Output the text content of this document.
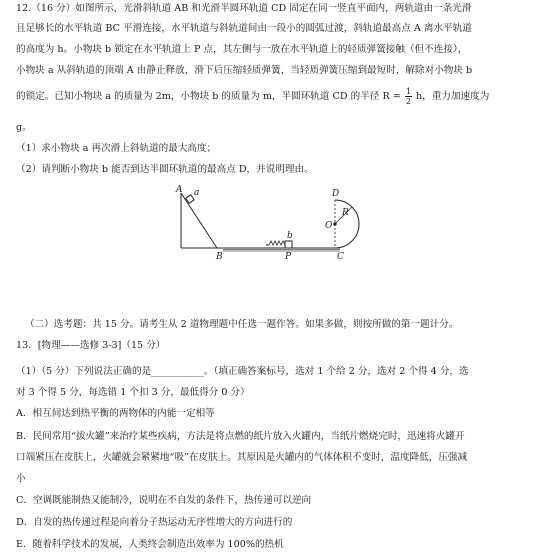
12.（16 分）如图所示，光滑斜轨道 AB 和光滑半圆环轨道 CD 固定在同一竖直平面内，两轨道由一条光滑
且足够长的水平轨道 BC 平滑连接，水平轨道与斜轨道间由一段小的圆弧过渡，斜轨道最高点 A 离水平轨道
的高度为 h。小物块 b 锁定在水平轨道上 P 点，其左侧与一放在水平轨道上的轻质弹簧接触（但不连接），
小物块 a 从斜轨道的顶端 A 由静止释放，滑下后压缩轻质弹簧，当轻质弹簧压缩到最短时，解除对小物块 b
的锁定。已知小物块 a 的质量为 2m，小物块 b 的质量为 m，半圆环轨道 CD 的半径 $R = \frac{1}{2}$ h，重力加速度为
g。
（1）求小物块 a 再次滑上斜轨道的最大高度；
（2）请判断小物块 b 能否到达半圆环轨道的最高点 D，并说明理由。
A a
b
B	P	C
D
O
R
（二）选考题：共 15 分。请考生从 2 道物理题中任选一题作答。如果多做，则按所做的第一题计分。
13．[物理——选修 3-3]（15 分）
（1）（5 分）下列说法正确的是___________。（填正确答案标号，选对 1 个给 2 分，选对 2 个得 4 分，选
对 3 个得 5 分，每选错 1 个扣 3 分，最低得分 0 分）
A．相互间达到热平衡的两物体的内能一定相等
B．民间常用“拔火罐”来治疗某些疾病，方法是将点燃的纸片放入火罐内，当纸片燃烧完时，迅速将火罐开
口端紧压在皮肤上，火罐就会紧紧地“吸”在皮肤上。其原因是火罐内的气体体积不变时，温度降低，压强减
小
C．空调既能制热又能制冷，说明在不自发的条件下，热传递可以逆向
D．自发的热传递过程是向着分子热运动无序性增大的方向进行的
E．随着科学技术的发展，人类终会制造出效率为 100%的热机
